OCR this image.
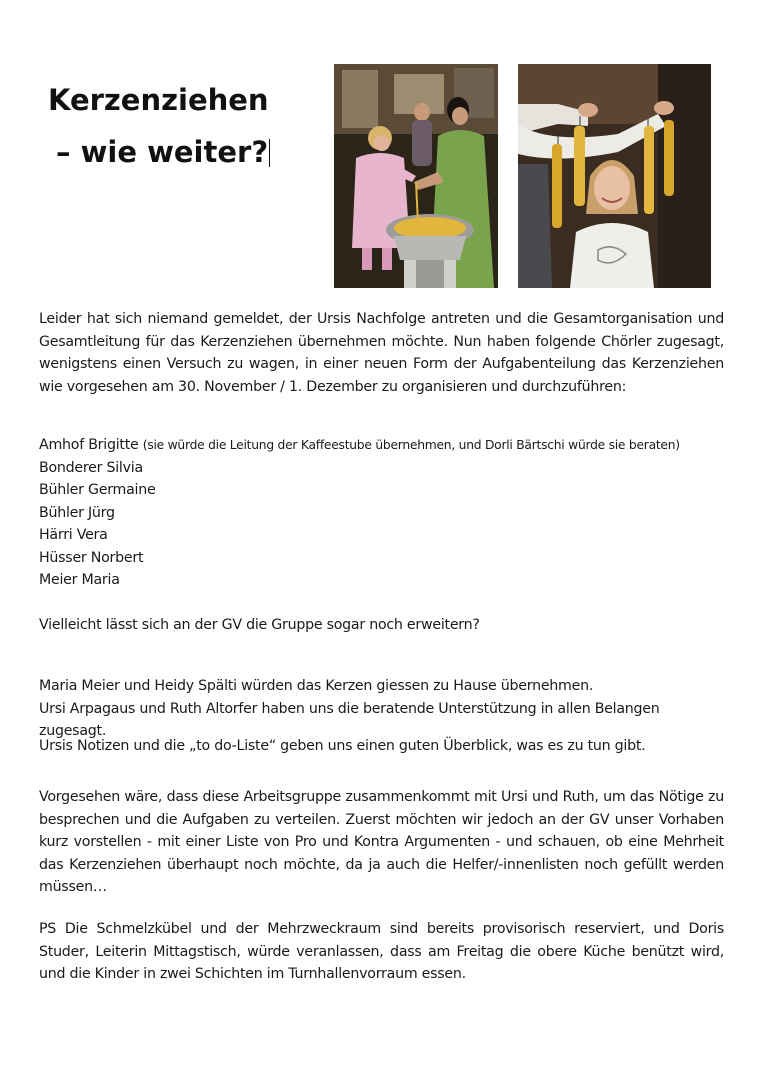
Kerzenziehen
– wie weiter?
Leider hat sich niemand gemeldet, der Ursis Nachfolge antreten und die Gesamtorganisation und Gesamtleitung für das Kerzenziehen übernehmen möchte. Nun haben folgende Chörler zugesagt, wenigstens einen Versuch zu wagen, in einer neuen Form der Aufgabenteilung das Kerzenziehen wie vorgesehen am 30. November / 1. Dezember zu organisieren und durchzuführen:
Amhof Brigitte (sie würde die Leitung der Kaffeestube übernehmen, und Dorli Bärtschi würde sie beraten)
Bonderer Silvia
Bühler Germaine
Bühler Jürg
Härri Vera
Hüsser Norbert
Meier Maria
Vielleicht lässt sich an der GV die Gruppe sogar noch erweitern?
Maria Meier und Heidy Spälti würden das Kerzen giessen zu Hause übernehmen.
Ursi Arpagaus und Ruth Altorfer haben uns die beratende Unterstützung in allen Belangen zugesagt.
Ursis Notizen und die „to do-Liste“ geben uns einen guten Überblick, was es zu tun gibt.
Vorgesehen wäre, dass diese Arbeitsgruppe zusammenkommt mit Ursi und Ruth, um das Nötige zu besprechen und die Aufgaben zu verteilen. Zuerst möchten wir jedoch an der GV unser Vorhaben kurz vorstellen - mit einer Liste von Pro und Kontra Argumenten - und schauen, ob eine Mehrheit das Kerzenziehen überhaupt noch möchte, da ja auch die Helfer/-innenlisten noch gefüllt werden müssen…
PS Die Schmelzkübel und der Mehrzweckraum sind bereits provisorisch reserviert, und Doris Studer, Leiterin Mittagstisch, würde veranlassen, dass am Freitag die obere Küche benützt wird, und die Kinder in zwei Schichten im Turnhallenvorraum essen.
